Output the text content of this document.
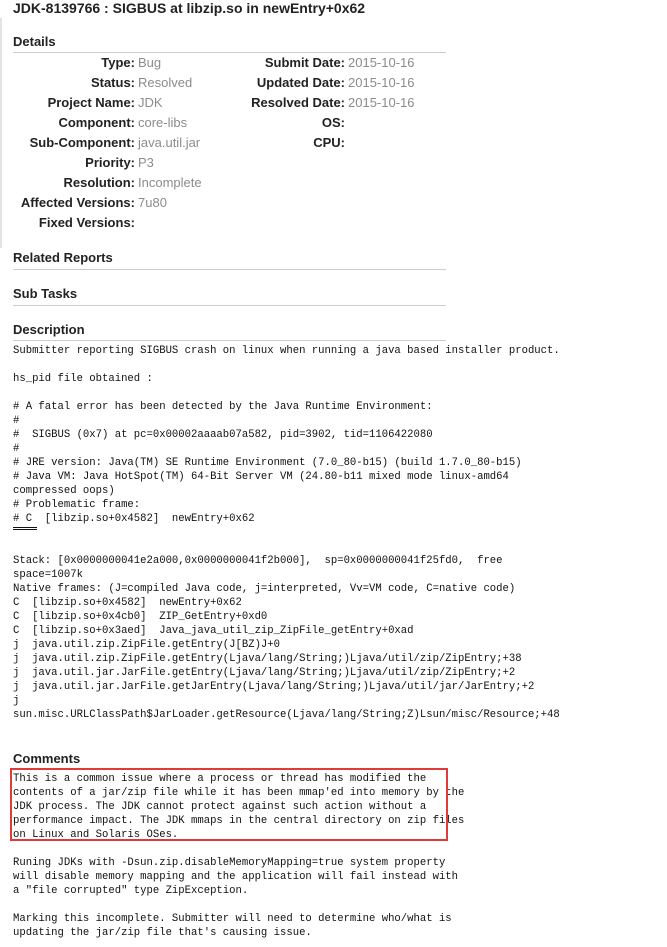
JDK-8139766 : SIGBUS at libzip.so in newEntry+0x62
Details
Type: Bug
Status: Resolved
Project Name: JDK
Component: core-libs
Sub-Component: java.util.jar
Priority: P3
Resolution: Incomplete
Affected Versions: 7u80
Fixed Versions:
Submit Date: 2015-10-16
Updated Date: 2015-10-16
Resolved Date: 2015-10-16
OS:
CPU:
Related Reports
Sub Tasks
Description
Submitter reporting SIGBUS crash on linux when running a java based installer product.
hs_pid file obtained :
# A fatal error has been detected by the Java Runtime Environment:
#
#  SIGBUS (0x7) at pc=0x00002aaaab07a582, pid=3902, tid=1106422080
#
# JRE version: Java(TM) SE Runtime Environment (7.0_80-b15) (build 1.7.0_80-b15)
# Java VM: Java HotSpot(TM) 64-Bit Server VM (24.80-b11 mixed mode linux-amd64
compressed oops)
# Problematic frame:
# C  [libzip.so+0x4582]  newEntry+0x62
Stack: [0x0000000041e2a000,0x0000000041f2b000],  sp=0x0000000041f25fd0,  free
space=1007k
Native frames: (J=compiled Java code, j=interpreted, Vv=VM code, C=native code)
C  [libzip.so+0x4582]  newEntry+0x62
C  [libzip.so+0x4cb0]  ZIP_GetEntry+0xd0
C  [libzip.so+0x3aed]  Java_java_util_zip_ZipFile_getEntry+0xad
j  java.util.zip.ZipFile.getEntry(J[BZ)J+0
j  java.util.zip.ZipFile.getEntry(Ljava/lang/String;)Ljava/util/zip/ZipEntry;+38
j  java.util.jar.JarFile.getEntry(Ljava/lang/String;)Ljava/util/zip/ZipEntry;+2
j  java.util.jar.JarFile.getJarEntry(Ljava/lang/String;)Ljava/util/jar/JarEntry;+2
j
sun.misc.URLClassPath$JarLoader.getResource(Ljava/lang/String;Z)Lsun/misc/Resource;+48
Comments
This is a common issue where a process or thread has modified the
contents of a jar/zip file while it has been mmap'ed into memory by the
JDK process. The JDK cannot protect against such action without a
performance impact. The JDK mmaps in the central directory on zip files
on Linux and Solaris OSes.
Runing JDKs with -Dsun.zip.disableMemoryMapping=true system property
will disable memory mapping and the application will fail instead with
a "file corrupted" type ZipException.
Marking this incomplete. Submitter will need to determine who/what is
updating the jar/zip file that's causing issue.
